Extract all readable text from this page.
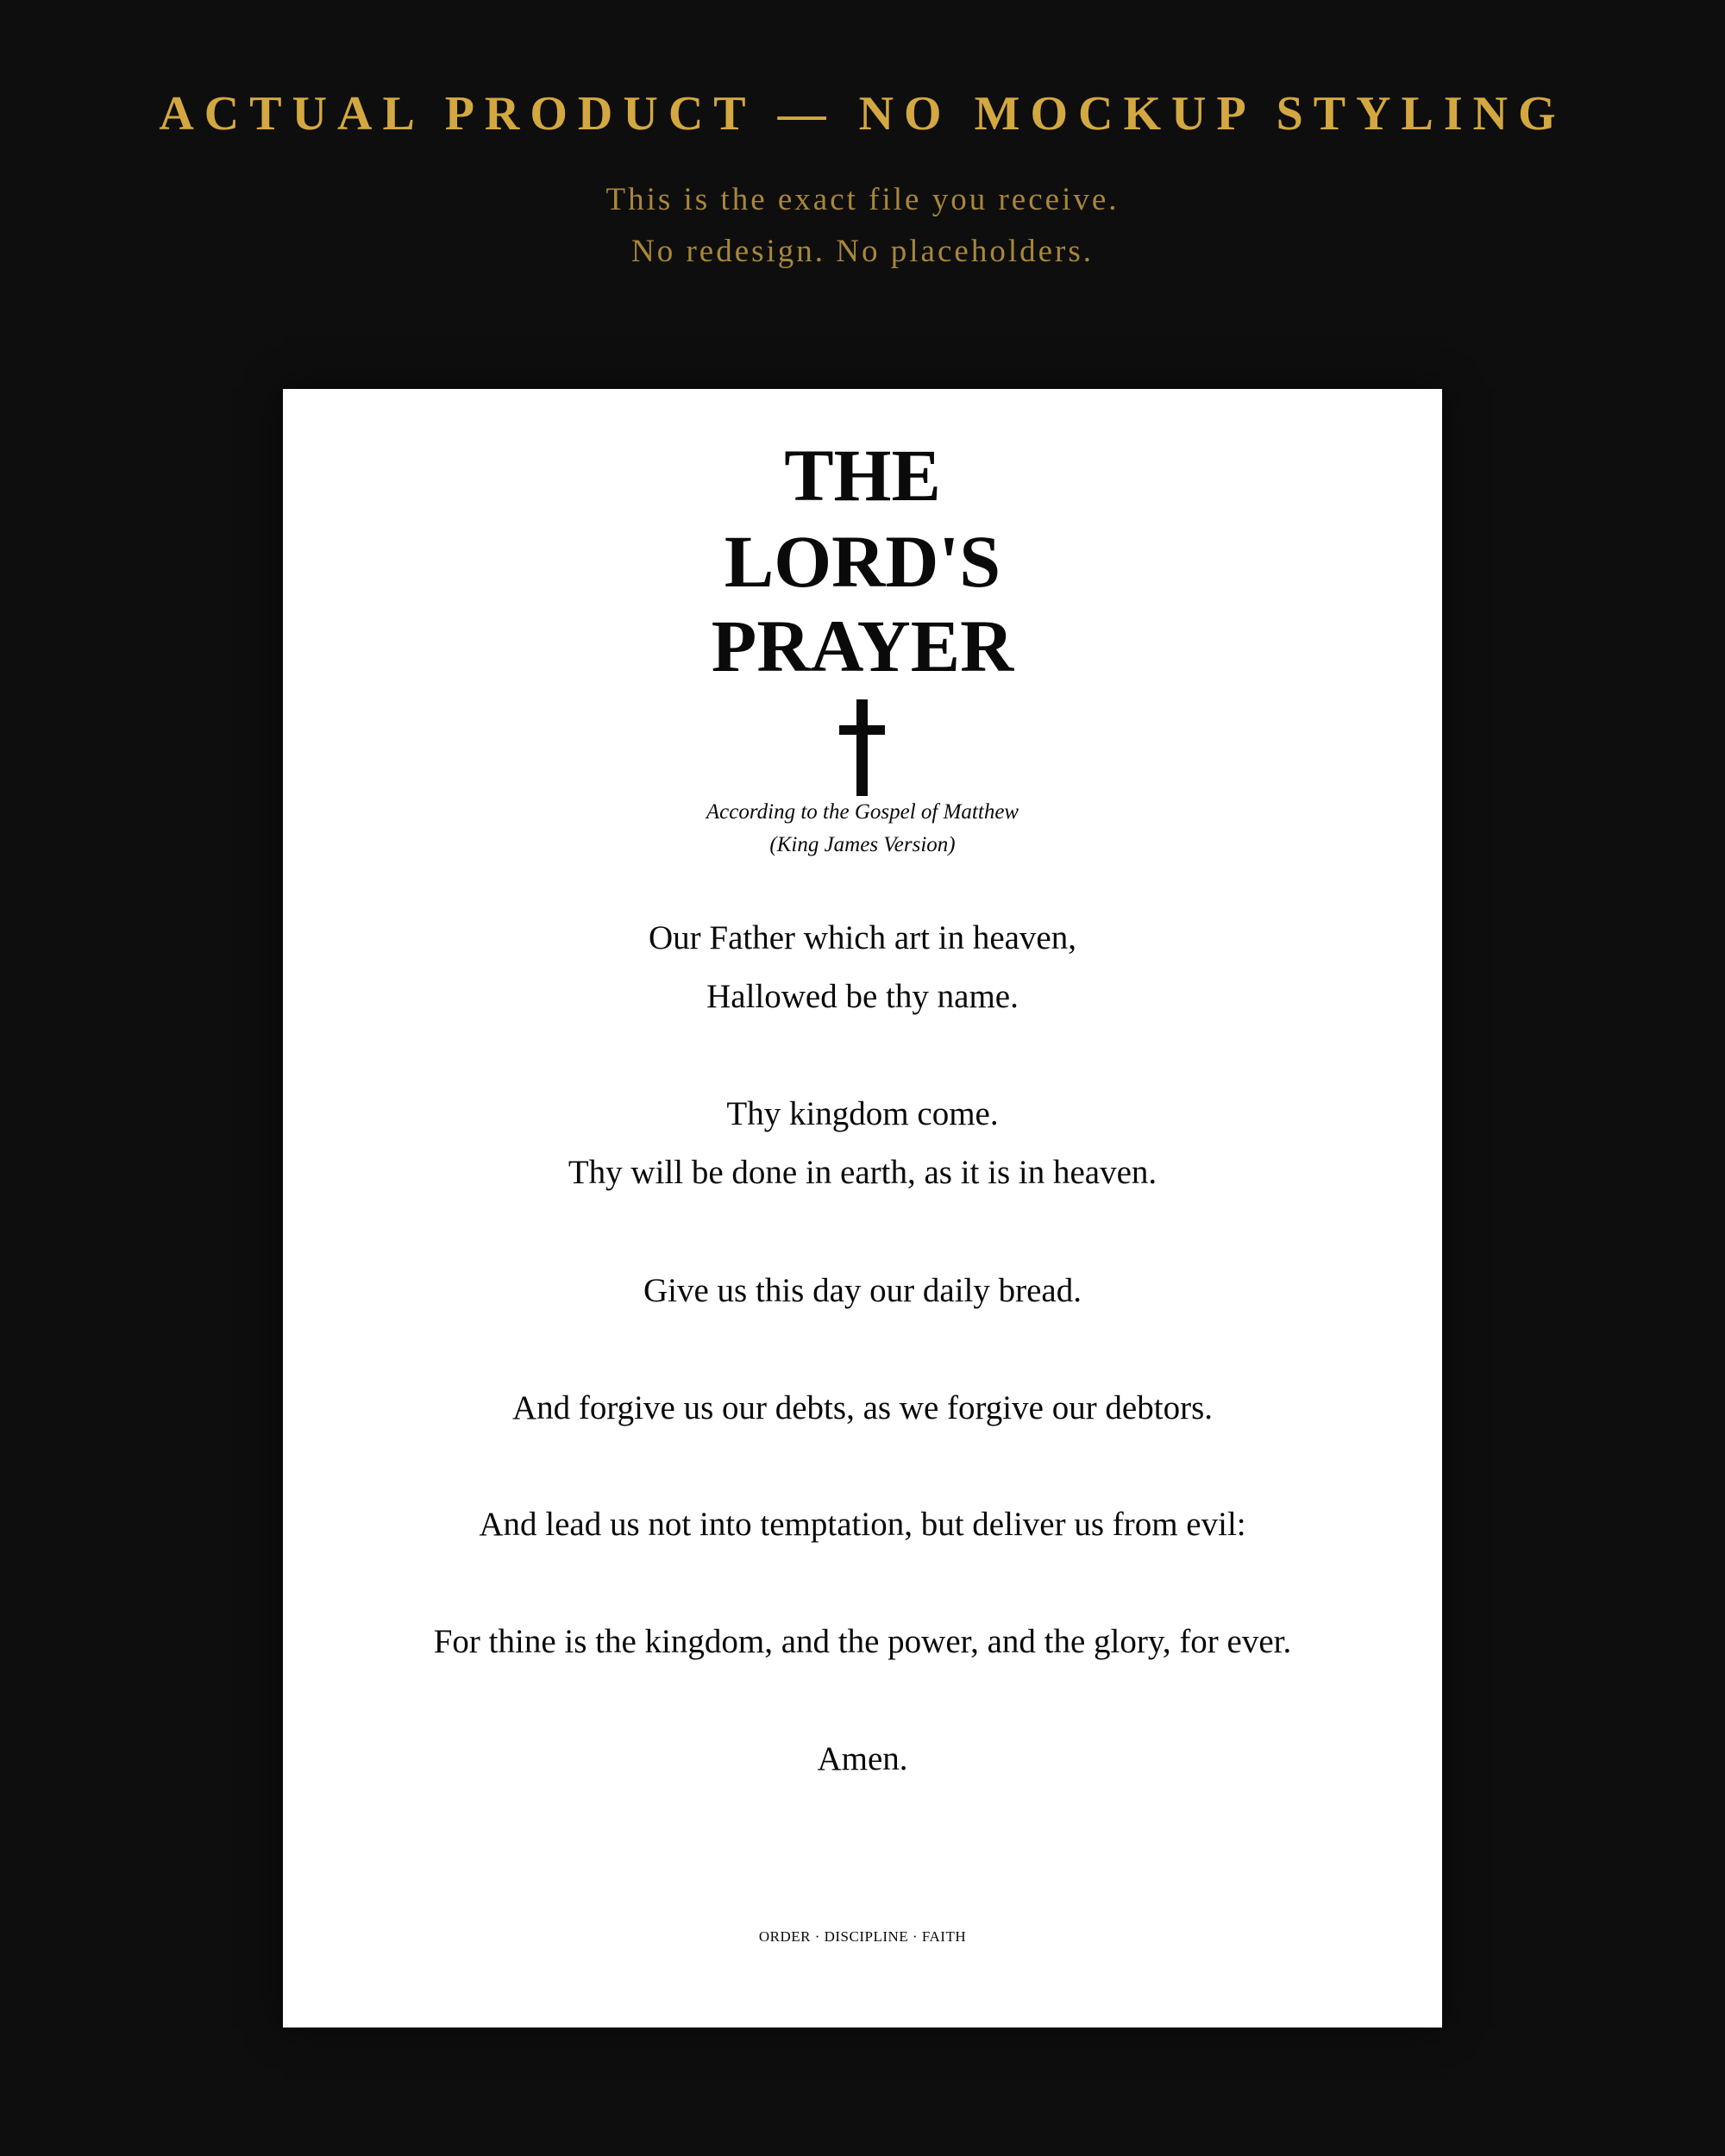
ACTUAL PRODUCT — NO MOCKUP STYLING
This is the exact file you receive.
No redesign. No placeholders.
THE
LORD'S
PRAYER
According to the Gospel of Matthew
(King James Version)
Our Father which art in heaven,
Hallowed be thy name.
Thy kingdom come.
Thy will be done in earth, as it is in heaven.
Give us this day our daily bread.
And forgive us our debts, as we forgive our debtors.
And lead us not into temptation, but deliver us from evil:
For thine is the kingdom, and the power, and the glory, for ever.
Amen.
ORDER · DISCIPLINE · FAITH
